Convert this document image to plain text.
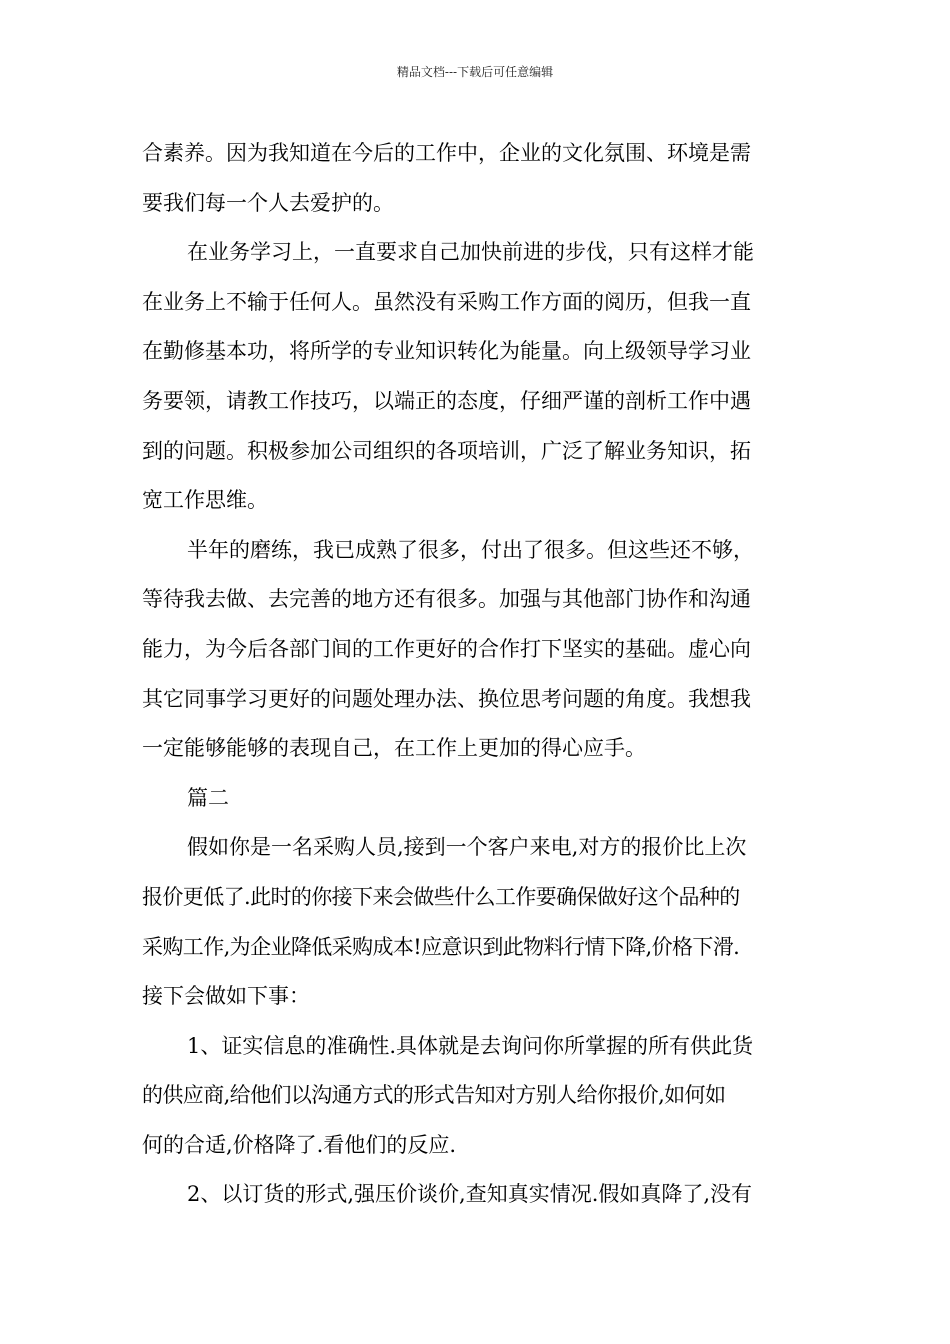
精品文档---下载后可任意编辑
合素养。因为我知道在今后的工作中，企业的文化氛围、环境是需
要我们每一个人去爱护的。
在业务学习上，一直要求自己加快前进的步伐，只有这样才能
在业务上不输于任何人。虽然没有采购工作方面的阅历，但我一直
在勤修基本功，将所学的专业知识转化为能量。向上级领导学习业
务要领，请教工作技巧，以端正的态度，仔细严谨的剖析工作中遇
到的问题。积极参加公司组织的各项培训，广泛了解业务知识，拓
宽工作思维。
半年的磨练，我已成熟了很多，付出了很多。但这些还不够，
等待我去做、去完善的地方还有很多。加强与其他部门协作和沟通
能力，为今后各部门间的工作更好的合作打下坚实的基础。虚心向
其它同事学习更好的问题处理办法、换位思考问题的角度。我想我
一定能够能够的表现自己，在工作上更加的得心应手。
篇二
假如你是一名采购人员,接到一个客户来电,对方的报价比上次
报价更低了.此时的你接下来会做些什么工作要确保做好这个品种的
采购工作,为企业降低采购成本!应意识到此物料行情下降,价格下滑.
接下会做如下事：
1、证实信息的准确性.具体就是去询问你所掌握的所有供此货
的供应商,给他们以沟通方式的形式告知对方别人给你报价,如何如
何的合适,价格降了.看他们的反应.
2、以订货的形式,强压价谈价,查知真实情况.假如真降了,没有
